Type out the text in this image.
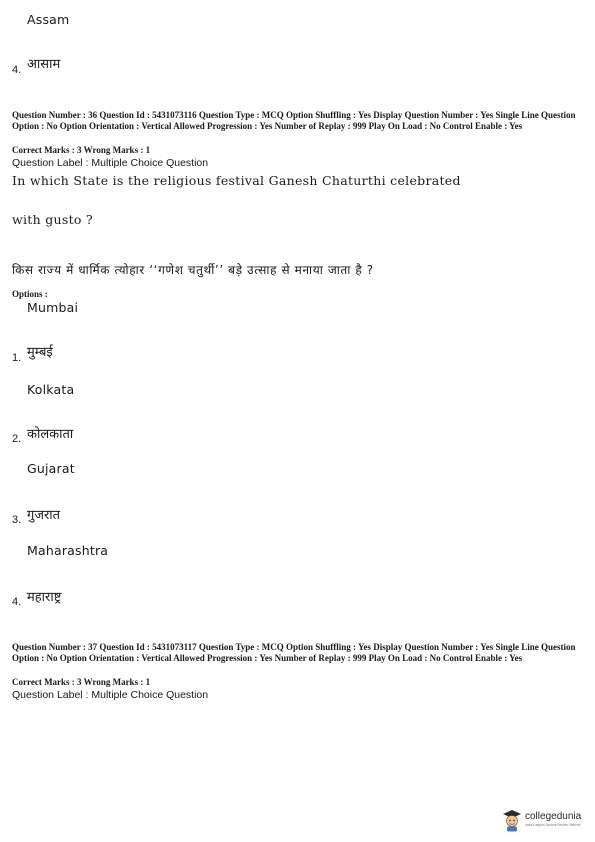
Assam
4. आसाम
Question Number : 36 Question Id : 5431073116 Question Type : MCQ Option Shuffling : Yes Display Question Number : Yes Single Line Question Option : No Option Orientation : Vertical Allowed Progression : Yes Number of Replay : 999 Play On Load : No Control Enable : Yes
Correct Marks : 3 Wrong Marks : 1
Question Label : Multiple Choice Question
In which State is the religious festival Ganesh Chaturthi celebrated
with gusto ?
किस राज्य में धार्मिक त्योहार ‘‘गणेश चतुर्थी’’ बड़े उत्साह से मनाया जाता है ?
Options :
Mumbai
1. मुम्बई
Kolkata
2. कोलकाता
Gujarat
3. गुजरात
Maharashtra
4. महाराष्ट्र
Question Number : 37 Question Id : 5431073117 Question Type : MCQ Option Shuffling : Yes Display Question Number : Yes Single Line Question Option : No Option Orientation : Vertical Allowed Progression : Yes Number of Replay : 999 Play On Load : No Control Enable : Yes
Correct Marks : 3 Wrong Marks : 1
Question Label : Multiple Choice Question
collegedunia
India's largest Student Review Platform
